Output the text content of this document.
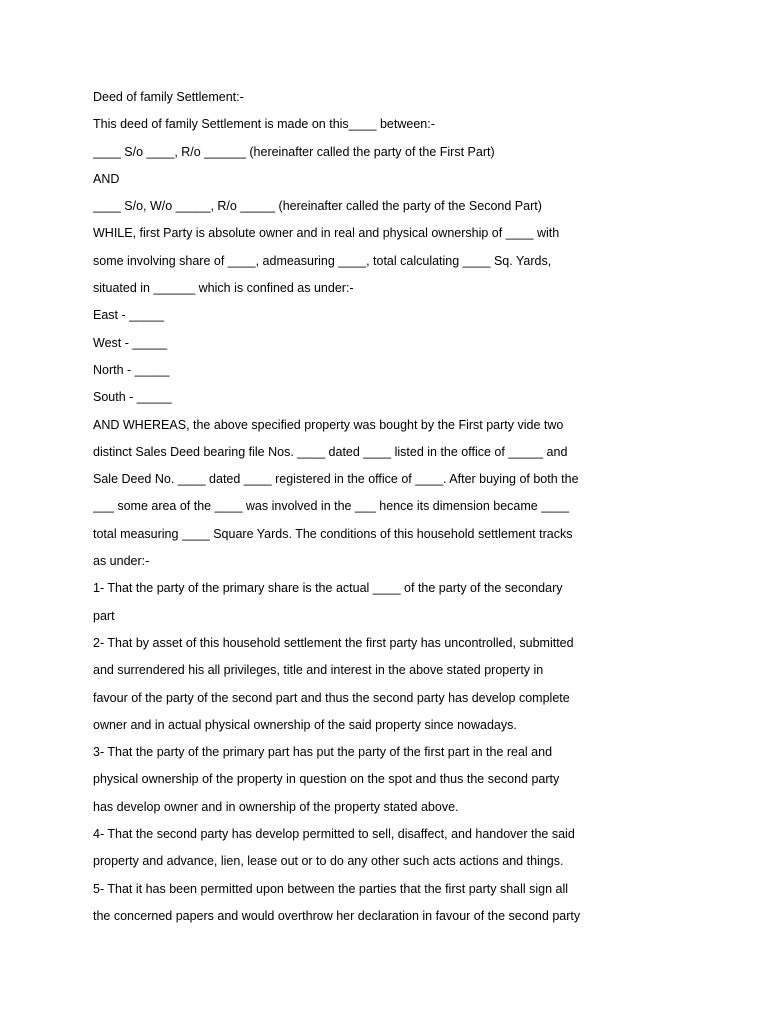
Deed of family Settlement:-
This deed of family Settlement is made on this____ between:-
____ S/o ____, R/o ______ (hereinafter called the party of the First Part)
AND
____ S/o, W/o _____, R/o _____ (hereinafter called the party of the Second Part)
WHILE, first Party is absolute owner and in real and physical ownership of ____ with
some involving share of ____, admeasuring ____, total calculating ____ Sq. Yards,
situated in ______ which is confined as under:-
East - _____
West - _____
North - _____
South - _____
AND WHEREAS, the above specified property was bought by the First party vide two
distinct Sales Deed bearing file Nos. ____ dated ____ listed in the office of _____ and
Sale Deed No. ____ dated ____ registered in the office of ____. After buying of both the
___ some area of the ____ was involved in the ___ hence its dimension became ____
total measuring ____ Square Yards. The conditions of this household settlement tracks
as under:-
1- That the party of the primary share is the actual ____ of the party of the secondary
part
2- That by asset of this household settlement the first party has uncontrolled, submitted
and surrendered his all privileges, title and interest in the above stated property in
favour of the party of the second part and thus the second party has develop complete
owner and in actual physical ownership of the said property since nowadays.
3- That the party of the primary part has put the party of the first part in the real and
physical ownership of the property in question on the spot and thus the second party
has develop owner and in ownership of the property stated above.
4- That the second party has develop permitted to sell, disaffect, and handover the said
property and advance, lien, lease out or to do any other such acts actions and things.
5- That it has been permitted upon between the parties that the first party shall sign all
the concerned papers and would overthrow her declaration in favour of the second party
